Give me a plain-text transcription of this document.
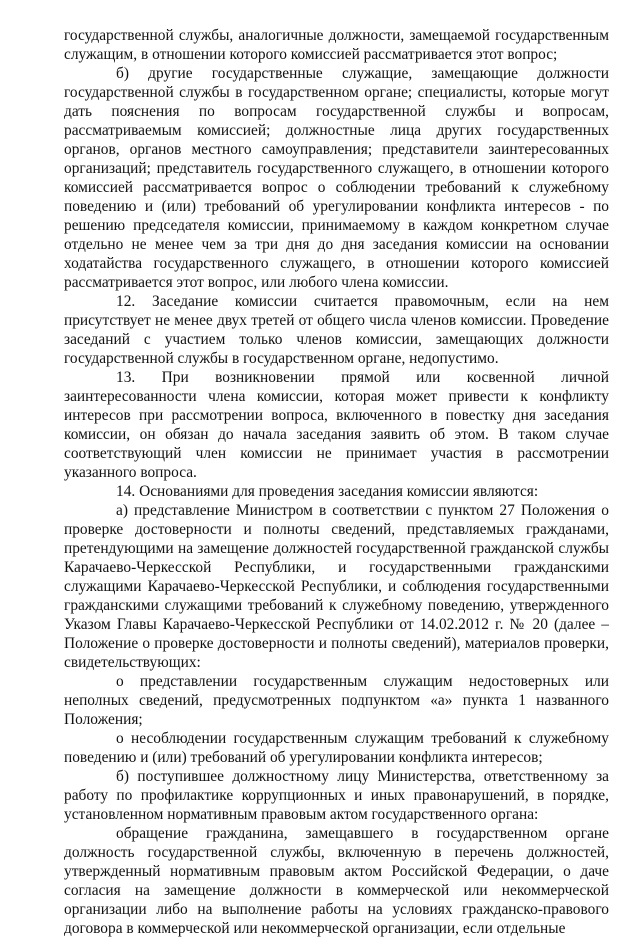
государственной службы, аналогичные должности, замещаемой государственным служащим, в отношении которого комиссией рассматривается этот вопрос;

б) другие государственные служащие, замещающие должности государственной службы в государственном органе; специалисты, которые могут дать пояснения по вопросам государственной службы и вопросам, рассматриваемым комиссией; должностные лица других государственных органов, органов местного самоуправления; представители заинтересованных организаций; представитель государственного служащего, в отношении которого комиссией рассматривается вопрос о соблюдении требований к служебному поведению и (или) требований об урегулировании конфликта интересов - по решению председателя комиссии, принимаемому в каждом конкретном случае отдельно не менее чем за три дня до дня заседания комиссии на основании ходатайства государственного служащего, в отношении которого комиссией рассматривается этот вопрос, или любого члена комиссии.

12. Заседание комиссии считается правомочным, если на нем присутствует не менее двух третей от общего числа членов комиссии. Проведение заседаний с участием только членов комиссии, замещающих должности государственной службы в государственном органе, недопустимо.

13. При возникновении прямой или косвенной личной заинтересованности члена комиссии, которая может привести к конфликту интересов при рассмотрении вопроса, включенного в повестку дня заседания комиссии, он обязан до начала заседания заявить об этом. В таком случае соответствующий член комиссии не принимает участия в рассмотрении указанного вопроса.

14. Основаниями для проведения заседания комиссии являются:

а) представление Министром в соответствии с пунктом 27 Положения о проверке достоверности и полноты сведений, представляемых гражданами, претендующими на замещение должностей государственной гражданской службы Карачаево-Черкесской Республики, и государственными гражданскими служащими Карачаево-Черкесской Республики, и соблюдения государственными гражданскими служащими требований к служебному поведению, утвержденного Указом Главы Карачаево-Черкесской Республики от 14.02.2012 г. № 20 (далее – Положение о проверке достоверности и полноты сведений), материалов проверки, свидетельствующих:

о представлении государственным служащим недостоверных или неполных сведений, предусмотренных подпунктом «а» пункта 1 названного Положения;

о несоблюдении государственным служащим требований к служебному поведению и (или) требований об урегулировании конфликта интересов;

б) поступившее должностному лицу Министерства, ответственному за работу по профилактике коррупционных и иных правонарушений, в порядке, установленном нормативным правовым актом государственного органа:

обращение гражданина, замещавшего в государственном органе должность государственной службы, включенную в перечень должностей, утвержденный нормативным правовым актом Российской Федерации, о даче согласия на замещение должности в коммерческой или некоммерческой организации либо на выполнение работы на условиях гражданско-правового договора в коммерческой или некоммерческой организации, если отдельные
